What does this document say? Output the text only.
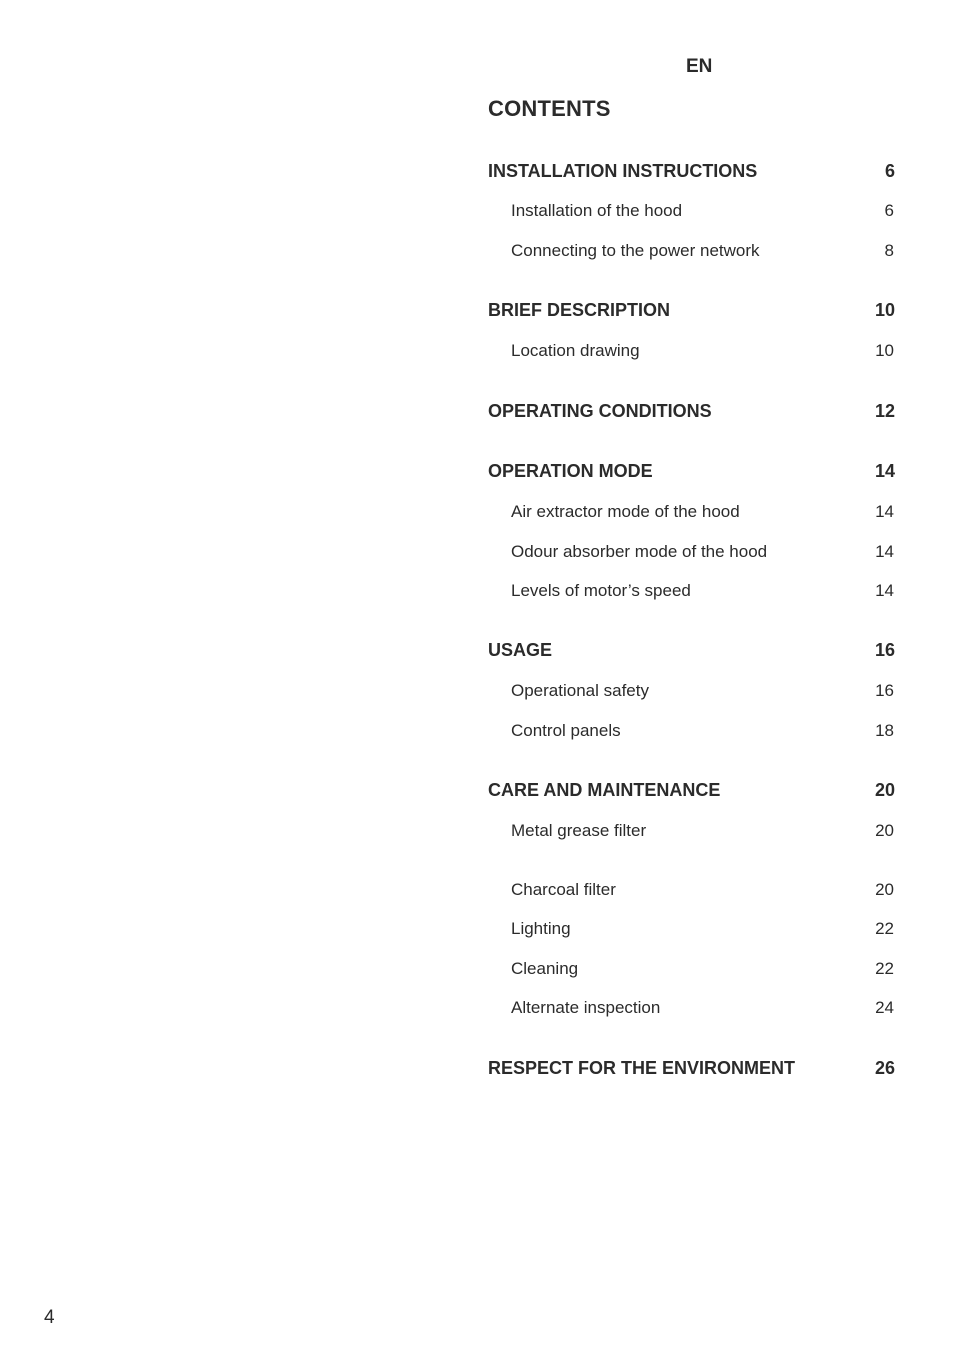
EN
CONTENTS
INSTALLATION INSTRUCTIONS	6
Installation of the hood	6
Connecting to the power network	8
BRIEF DESCRIPTION	10
Location drawing	10
OPERATING CONDITIONS	12
OPERATION MODE	14
Air extractor mode of the hood	14
Odour absorber mode of the hood	14
Levels of motor’s speed	14
USAGE	16
Operational safety	16
Control panels	18
CARE AND MAINTENANCE	20
Metal grease filter	20
Charcoal filter	20
Lighting	22
Cleaning	22
Alternate inspection	24
RESPECT FOR THE ENVIRONMENT	26
4
